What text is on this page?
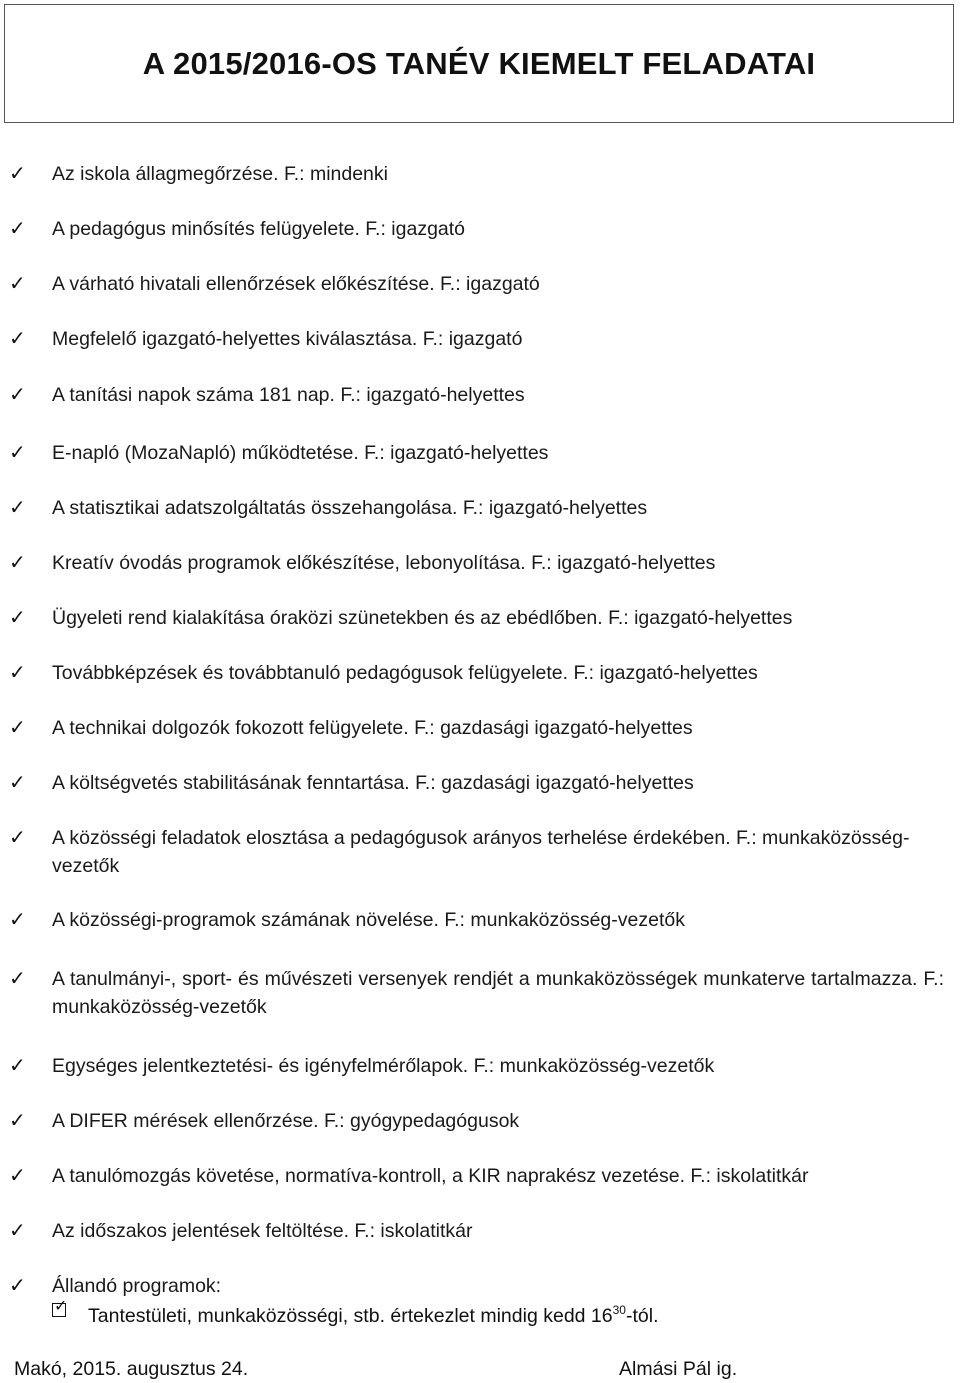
A 2015/2016-OS TANÉV KIEMELT FELADATAI
✓ Az iskola állagmegőrzése. F.: mindenki
✓ A pedagógus minősítés felügyelete. F.: igazgató
✓ A várható hivatali ellenőrzések előkészítése. F.: igazgató
✓ Megfelelő igazgató-helyettes kiválasztása. F.: igazgató
✓ A tanítási napok száma 181 nap. F.: igazgató-helyettes
✓ E-napló (MozaNapló) működtetése. F.: igazgató-helyettes
✓ A statisztikai adatszolgáltatás összehangolása. F.: igazgató-helyettes
✓ Kreatív óvodás programok előkészítése, lebonyolítása. F.: igazgató-helyettes
✓ Ügyeleti rend kialakítása óraközi szünetekben és az ebédlőben. F.: igazgató-helyettes
✓ Továbbképzések és továbbtanuló pedagógusok felügyelete. F.: igazgató-helyettes
✓ A technikai dolgozók fokozott felügyelete. F.: gazdasági igazgató-helyettes
✓ A költségvetés stabilitásának fenntartása. F.: gazdasági igazgató-helyettes
✓ A közösségi feladatok elosztása a pedagógusok arányos terhelése érdekében. F.: munkaközösség-vezetők
✓ A közösségi-programok számának növelése. F.: munkaközösség-vezetők
✓ A tanulmányi-, sport- és művészeti versenyek rendjét a munkaközösségek munkaterve tartalmazza. F.: munkaközösség-vezetők
✓ Egységes jelentkeztetési- és igényfelmérőlapok. F.: munkaközösség-vezetők
✓ A DIFER mérések ellenőrzése. F.: gyógypedagógusok
✓ A tanulómozgás követése, normatíva-kontroll, a KIR naprakész vezetése. F.: iskolatitkár
✓ Az időszakos jelentések feltöltése. F.: iskolatitkár
✓ Állandó programok:
✓ Tantestületi, munkaközösségi, stb. értekezlet mindig kedd $16^{30}$-tól.
Makó, 2015. augusztus 24.	Almási Pál ig.
